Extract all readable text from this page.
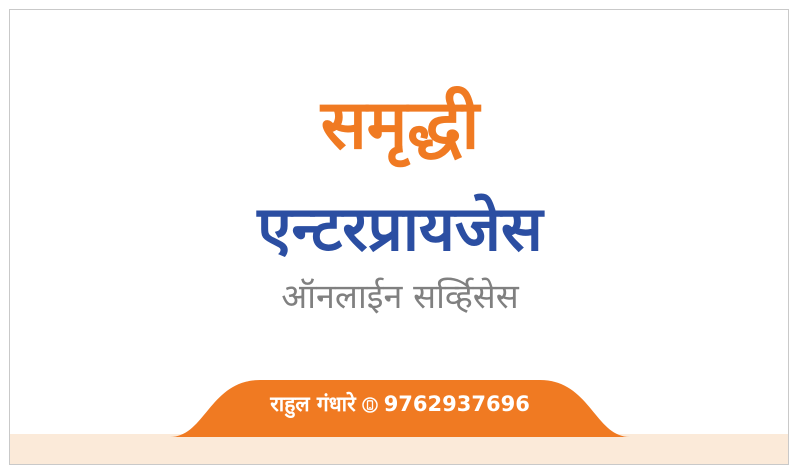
समृद्धी
एन्टरप्रायजेस
ऑनलाईन सर्व्हिसेस
राहुल गंधारे 9762937696
